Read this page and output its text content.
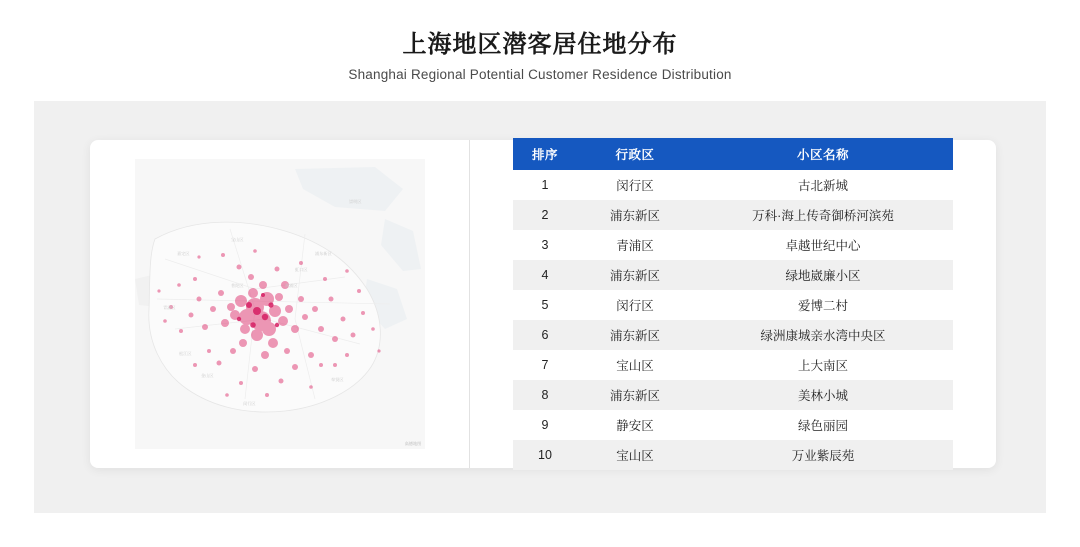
上海地区潜客居住地分布

Shanghai Regional Potential Customer Residence Distribution

嘉定区
宝山区
浦东新区
松江区
闵行区
奉贤区
青浦区
黄浦区
普陀区
虹口区
金山区
崇明区
高德地图
排序	行政区	小区名称
1	闵行区	古北新城
2	浦东新区	万科·海上传奇御桥河滨苑
3	青浦区	卓越世纪中心
4	浦东新区	绿地崴廉小区
5	闵行区	爱博二村
6	浦东新区	绿洲康城亲水湾中央区
7	宝山区	上大南区
8	浦东新区	美林小城
9	静安区	绿色丽园
10	宝山区	万业紫辰苑
